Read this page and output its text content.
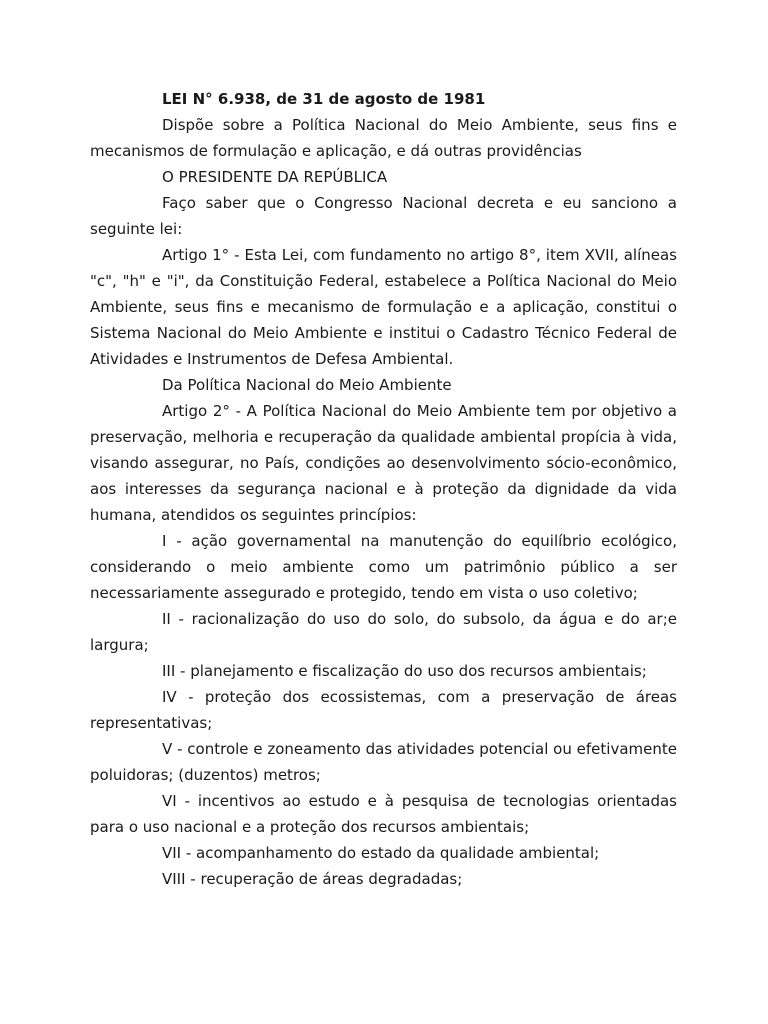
LEI N° 6.938, de 31 de agosto de 1981

Dispõe sobre a Política Nacional do Meio Ambiente, seus fins e mecanismos de formulação e aplicação, e dá outras providências

O PRESIDENTE DA REPÚBLICA

Faço saber que o Congresso Nacional decreta e eu sanciono a seguinte lei:

Artigo 1° - Esta Lei, com fundamento no artigo 8°, item XVII, alíneas "c", "h" e "i", da Constituição Federal, estabelece a Política Nacional do Meio Ambiente, seus fins e mecanismo de formulação e a aplicação, constitui o Sistema Nacional do Meio Ambiente e institui o Cadastro Técnico Federal de Atividades e Instrumentos de Defesa Ambiental.

Da Política Nacional do Meio Ambiente

Artigo 2° - A Política Nacional do Meio Ambiente tem por objetivo a preservação, melhoria e recuperação da qualidade ambiental propícia à vida, visando assegurar, no País, condições ao desenvolvimento sócio-econômico, aos interesses da segurança nacional e à proteção da dignidade da vida humana, atendidos os seguintes princípios:

I - ação governamental na manutenção do equilíbrio ecológico, considerando o meio ambiente como um patrimônio público a ser necessariamente assegurado e protegido, tendo em vista o uso coletivo;

II - racionalização do uso do solo, do subsolo, da água e do ar;e largura;

III - planejamento e fiscalização do uso dos recursos ambientais;

IV - proteção dos ecossistemas, com a preservação de áreas representativas;

V - controle e zoneamento das atividades potencial ou efetivamente poluidoras; (duzentos) metros;

VI - incentivos ao estudo e à pesquisa de tecnologias orientadas para o uso nacional e a proteção dos recursos ambientais;

VII - acompanhamento do estado da qualidade ambiental;

VIII - recuperação de áreas degradadas;
